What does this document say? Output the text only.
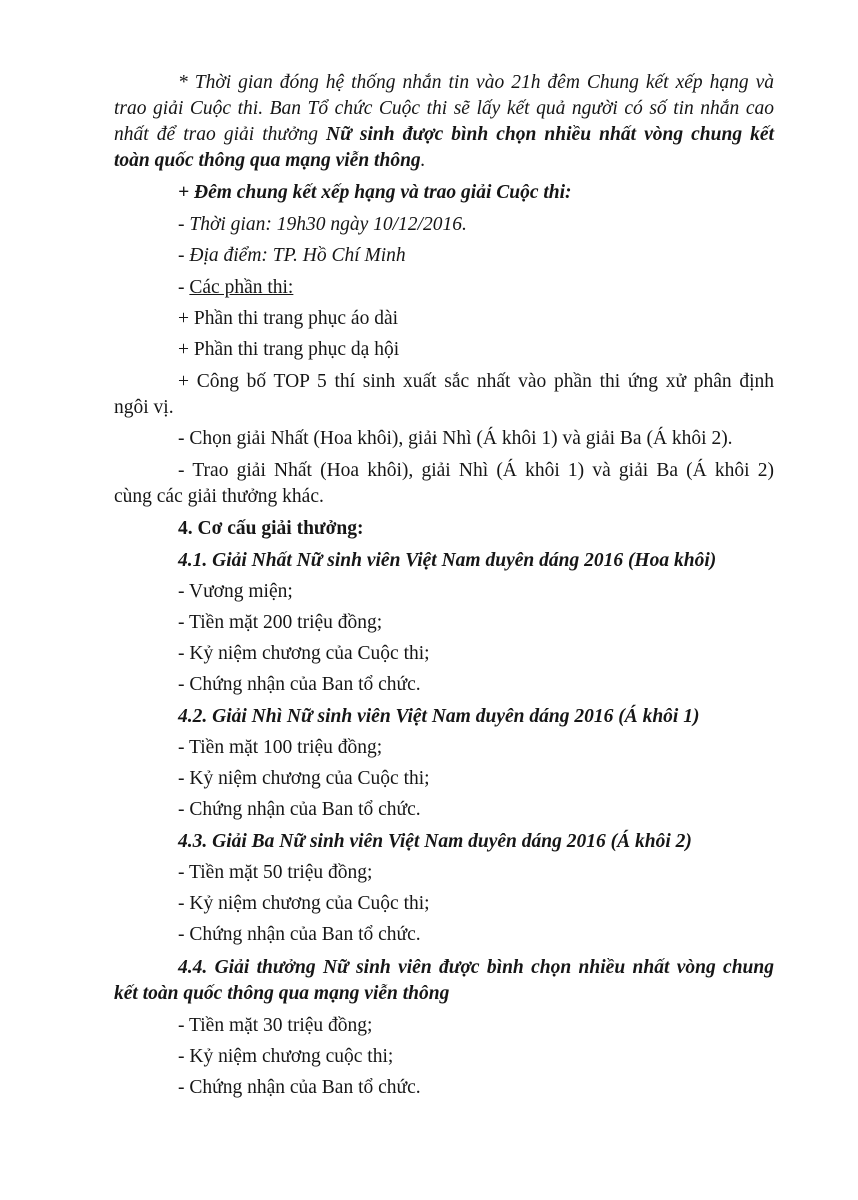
* Thời gian đóng hệ thống nhắn tin vào 21h đêm Chung kết xếp hạng và

trao giải Cuộc thi. Ban Tổ chức Cuộc thi sẽ lấy kết quả người có số tin nhắn cao

nhất để trao giải thưởng Nữ sinh được bình chọn nhiều nhất vòng chung kết

toàn quốc thông qua mạng viễn thông.

+ Đêm chung kết xếp hạng và trao giải Cuộc thi:

- Thời gian: 19h30 ngày 10/12/2016.

- Địa điểm: TP. Hồ Chí Minh

- Các phần thi:

+ Phần thi trang phục áo dài

+ Phần thi trang phục dạ hội

+ Công bố TOP 5 thí sinh xuất sắc nhất vào phần thi ứng xử phân định

ngôi vị.

- Chọn giải Nhất (Hoa khôi), giải Nhì (Á khôi 1) và giải Ba (Á khôi 2).

- Trao giải Nhất (Hoa khôi), giải Nhì (Á khôi 1) và giải Ba (Á khôi 2)

cùng các giải thưởng khác.

4. Cơ cấu giải thưởng:

4.1. Giải Nhất Nữ sinh viên Việt Nam duyên dáng 2016 (Hoa khôi)

- Vương miện;

- Tiền mặt 200 triệu đồng;

- Kỷ niệm chương của Cuộc thi;

- Chứng nhận của Ban tổ chức.

4.2. Giải Nhì Nữ sinh viên Việt Nam duyên dáng 2016 (Á khôi 1)

- Tiền mặt 100 triệu đồng;

- Kỷ niệm chương của Cuộc thi;

- Chứng nhận của Ban tổ chức.

4.3. Giải Ba Nữ sinh viên Việt Nam duyên dáng 2016 (Á khôi 2)

- Tiền mặt 50 triệu đồng;

- Kỷ niệm chương của Cuộc thi;

- Chứng nhận của Ban tổ chức.

4.4. Giải thưởng Nữ sinh viên được bình chọn nhiều nhất vòng chung

kết toàn quốc thông qua mạng viễn thông

- Tiền mặt 30 triệu đồng;

- Kỷ niệm chương cuộc thi;

- Chứng nhận của Ban tổ chức.
